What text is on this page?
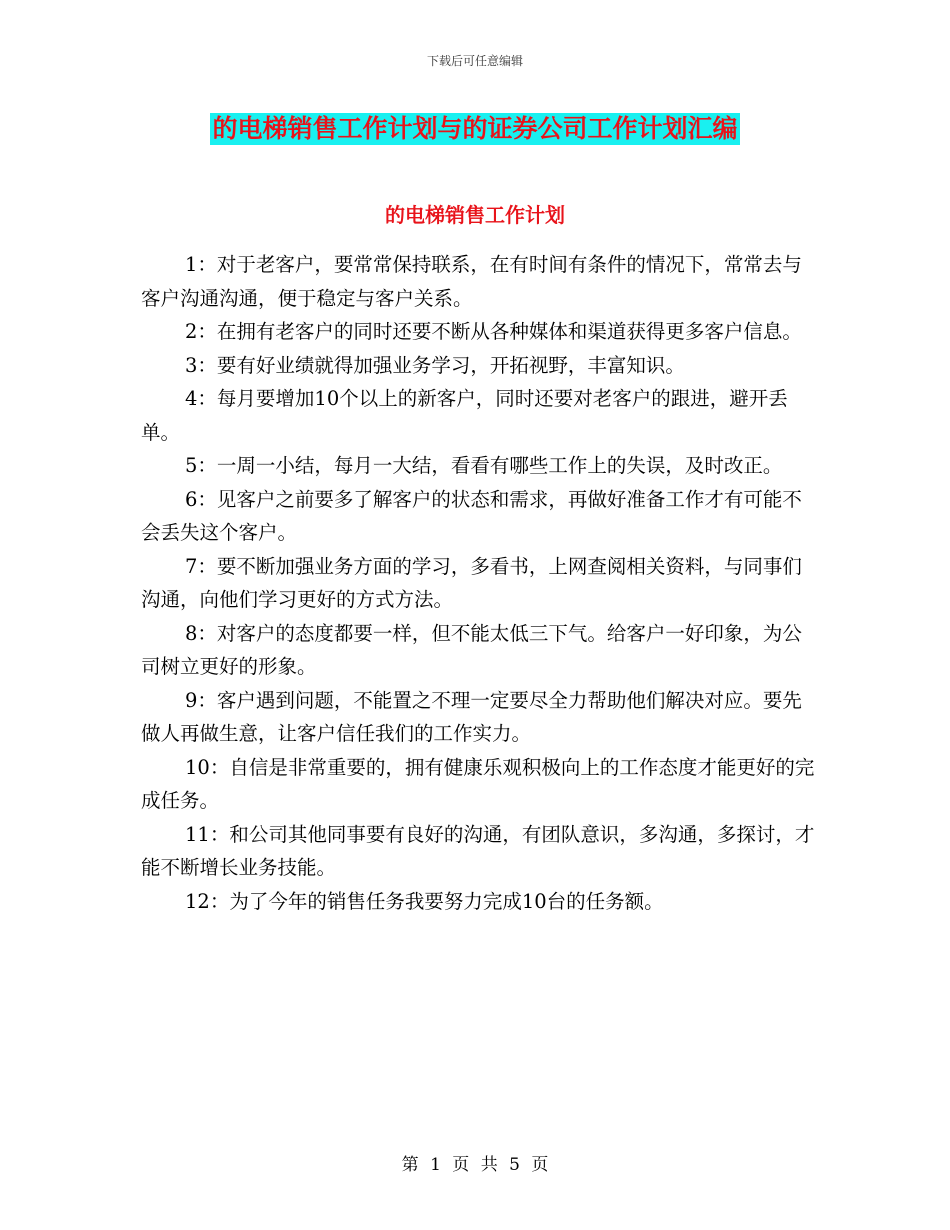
下载后可任意编辑
的电梯销售工作计划与的证券公司工作计划汇编
的电梯销售工作计划

1：对于老客户，要常常保持联系，在有时间有条件的情况下，常常去与客户沟通沟通，便于稳定与客户关系。

2：在拥有老客户的同时还要不断从各种媒体和渠道获得更多客户信息。

3：要有好业绩就得加强业务学习，开拓视野，丰富知识。

4：每月要增加10个以上的新客户，同时还要对老客户的跟进，避开丢单。

5：一周一小结，每月一大结，看看有哪些工作上的失误，及时改正。

6：见客户之前要多了解客户的状态和需求，再做好准备工作才有可能不会丢失这个客户。

7：要不断加强业务方面的学习，多看书，上网查阅相关资料，与同事们沟通，向他们学习更好的方式方法。

8：对客户的态度都要一样，但不能太低三下气。给客户一好印象，为公司树立更好的形象。

9：客户遇到问题，不能置之不理一定要尽全力帮助他们解决对应。要先做人再做生意，让客户信任我们的工作实力。

10：自信是非常重要的，拥有健康乐观积极向上的工作态度才能更好的完成任务。

11：和公司其他同事要有良好的沟通，有团队意识，多沟通，多探讨，才能不断增长业务技能。

12：为了今年的销售任务我要努力完成10台的任务额。

第 1 页 共 5 页
